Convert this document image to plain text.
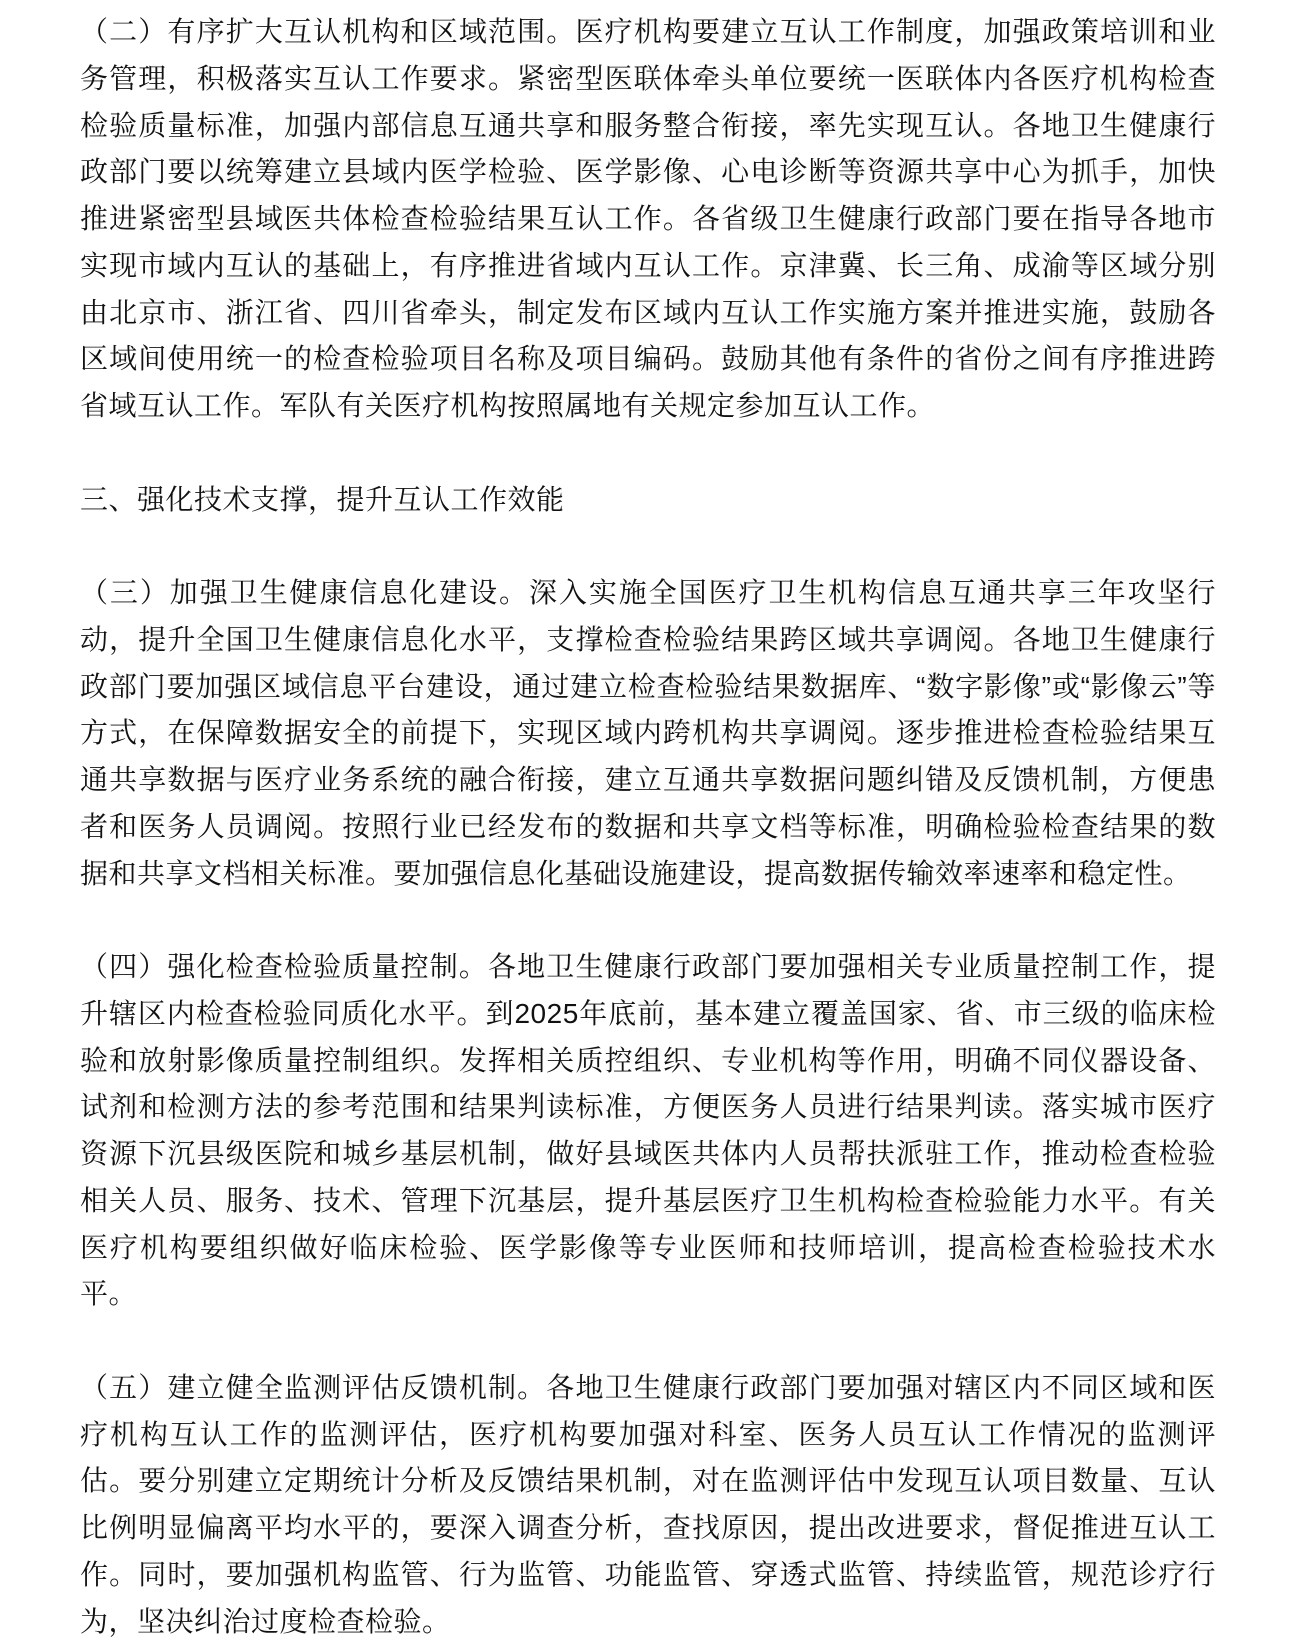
（二）有序扩大互认机构和区域范围。医疗机构要建立互认工作制度，加强政策培训和业务管理，积极落实互认工作要求。紧密型医联体牵头单位要统一医联体内各医疗机构检查检验质量标准，加强内部信息互通共享和服务整合衔接，率先实现互认。各地卫生健康行政部门要以统筹建立县域内医学检验、医学影像、心电诊断等资源共享中心为抓手，加快推进紧密型县域医共体检查检验结果互认工作。各省级卫生健康行政部门要在指导各地市实现市域内互认的基础上，有序推进省域内互认工作。京津冀、长三角、成渝等区域分别由北京市、浙江省、四川省牵头，制定发布区域内互认工作实施方案并推进实施，鼓励各区域间使用统一的检查检验项目名称及项目编码。鼓励其他有条件的省份之间有序推进跨省域互认工作。军队有关医疗机构按照属地有关规定参加互认工作。

三、强化技术支撑，提升互认工作效能

（三）加强卫生健康信息化建设。深入实施全国医疗卫生机构信息互通共享三年攻坚行动，提升全国卫生健康信息化水平，支撑检查检验结果跨区域共享调阅。各地卫生健康行政部门要加强区域信息平台建设，通过建立检查检验结果数据库、“数字影像”或“影像云”等方式，在保障数据安全的前提下，实现区域内跨机构共享调阅。逐步推进检查检验结果互通共享数据与医疗业务系统的融合衔接，建立互通共享数据问题纠错及反馈机制，方便患者和医务人员调阅。按照行业已经发布的数据和共享文档等标准，明确检验检查结果的数据和共享文档相关标准。要加强信息化基础设施建设，提高数据传输效率速率和稳定性。

（四）强化检查检验质量控制。各地卫生健康行政部门要加强相关专业质量控制工作，提升辖区内检查检验同质化水平。到2025年底前，基本建立覆盖国家、省、市三级的临床检验和放射影像质量控制组织。发挥相关质控组织、专业机构等作用，明确不同仪器设备、试剂和检测方法的参考范围和结果判读标准，方便医务人员进行结果判读。落实城市医疗资源下沉县级医院和城乡基层机制，做好县域医共体内人员帮扶派驻工作，推动检查检验相关人员、服务、技术、管理下沉基层，提升基层医疗卫生机构检查检验能力水平。有关医疗机构要组织做好临床检验、医学影像等专业医师和技师培训，提高检查检验技术水平。

（五）建立健全监测评估反馈机制。各地卫生健康行政部门要加强对辖区内不同区域和医疗机构互认工作的监测评估，医疗机构要加强对科室、医务人员互认工作情况的监测评估。要分别建立定期统计分析及反馈结果机制，对在监测评估中发现互认项目数量、互认比例明显偏离平均水平的，要深入调查分析，查找原因，提出改进要求，督促推进互认工作。同时，要加强机构监管、行为监管、功能监管、穿透式监管、持续监管，规范诊疗行为，坚决纠治过度检查检验。
